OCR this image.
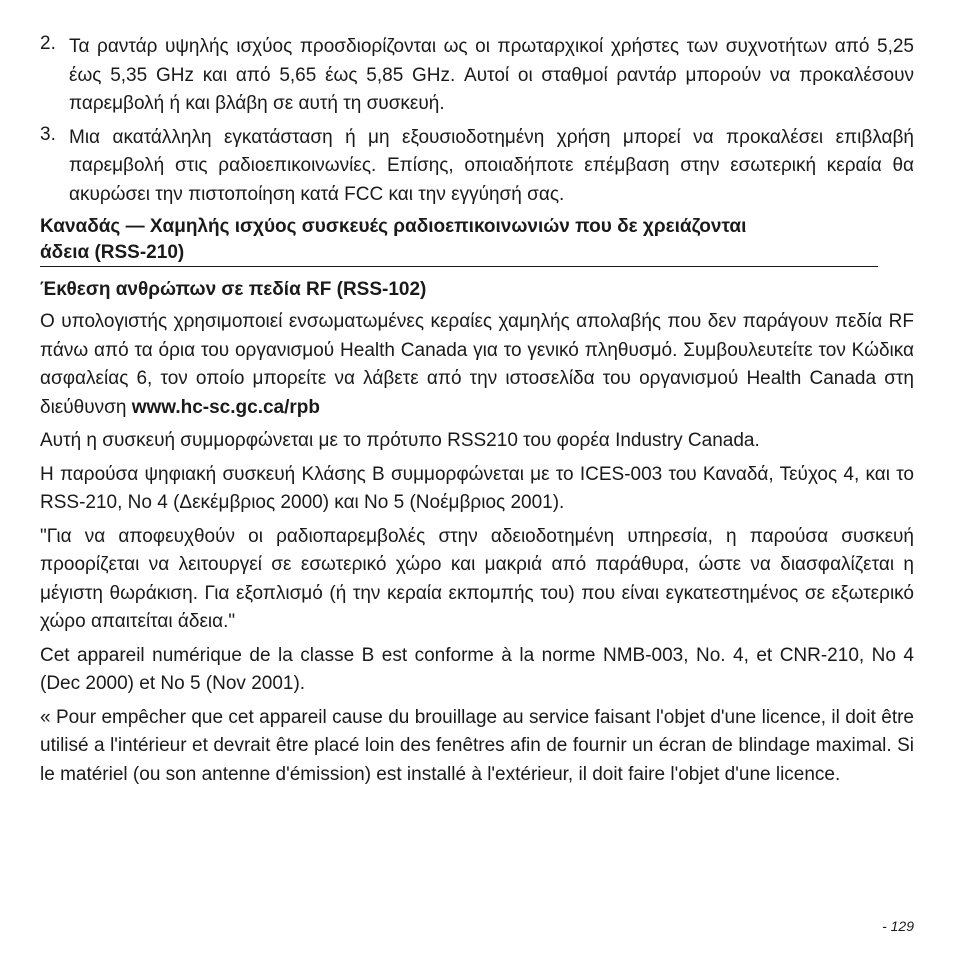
2. Τα ραντάρ υψηλής ισχύος προσδιορίζονται ως οι πρωταρχικοί χρήστες των συχνοτήτων από 5,25 έως 5,35 GHz και από 5,65 έως 5,85 GHz. Αυτοί οι σταθμοί ραντάρ μπορούν να προκαλέσουν παρεμβολή ή και βλάβη σε αυτή τη συσκευή.
3. Μια ακατάλληλη εγκατάσταση ή μη εξουσιοδοτημένη χρήση μπορεί να προκαλέσει επιβλαβή παρεμβολή στις ραδιοεπικοινωνίες. Επίσης, οποιαδήποτε επέμβαση στην εσωτερική κεραία θα ακυρώσει την πιστοποίηση κατά FCC και την εγγύησή σας.
Καναδάς — Χαμηλής ισχύος συσκευές ραδιοεπικοινωνιών που δε χρειάζονται
άδεια (RSS-210)
Έκθεση ανθρώπων σε πεδία RF (RSS-102)

Ο υπολογιστής χρησιμοποιεί ενσωματωμένες κεραίες χαμηλής απολαβής που δεν παράγουν πεδία RF πάνω από τα όρια του οργανισμού Health Canada για το γενικό πληθυσμό. Συμβουλευτείτε τον Κώδικα ασφαλείας 6, τον οποίο μπορείτε να λάβετε από την ιστοσελίδα του οργανισμού Health Canada στη διεύθυνση www.hc-sc.gc.ca/rpb

Αυτή η συσκευή συμμορφώνεται με το πρότυπο RSS210 του φορέα Industry Canada.

Η παρούσα ψηφιακή συσκευή Κλάσης B συμμορφώνεται με το ICES-003 του Καναδά, Τεύχος 4, και το RSS-210, No 4 (Δεκέμβριος 2000) και No 5 (Νοέμβριος 2001).

"Για να αποφευχθούν οι ραδιοπαρεμβολές στην αδειοδοτημένη υπηρεσία, η παρούσα συσκευή προορίζεται να λειτουργεί σε εσωτερικό χώρο και μακριά από παράθυρα, ώστε να διασφαλίζεται η μέγιστη θωράκιση. Για εξοπλισμό (ή την κεραία εκπομπής του) που είναι εγκατεστημένος σε εξωτερικό χώρο απαιτείται άδεια."

Cet appareil numérique de la classe B est conforme à la norme NMB-003, No. 4, et CNR-210, No 4 (Dec 2000) et No 5 (Nov 2001).

« Pour empêcher que cet appareil cause du brouillage au service faisant l'objet d'une licence, il doit être utilisé a l'intérieur et devrait être placé loin des fenêtres afin de fournir un écran de blindage maximal. Si le matériel (ou son antenne d'émission) est installé à l'extérieur, il doit faire l'objet d'une licence.

- 129
